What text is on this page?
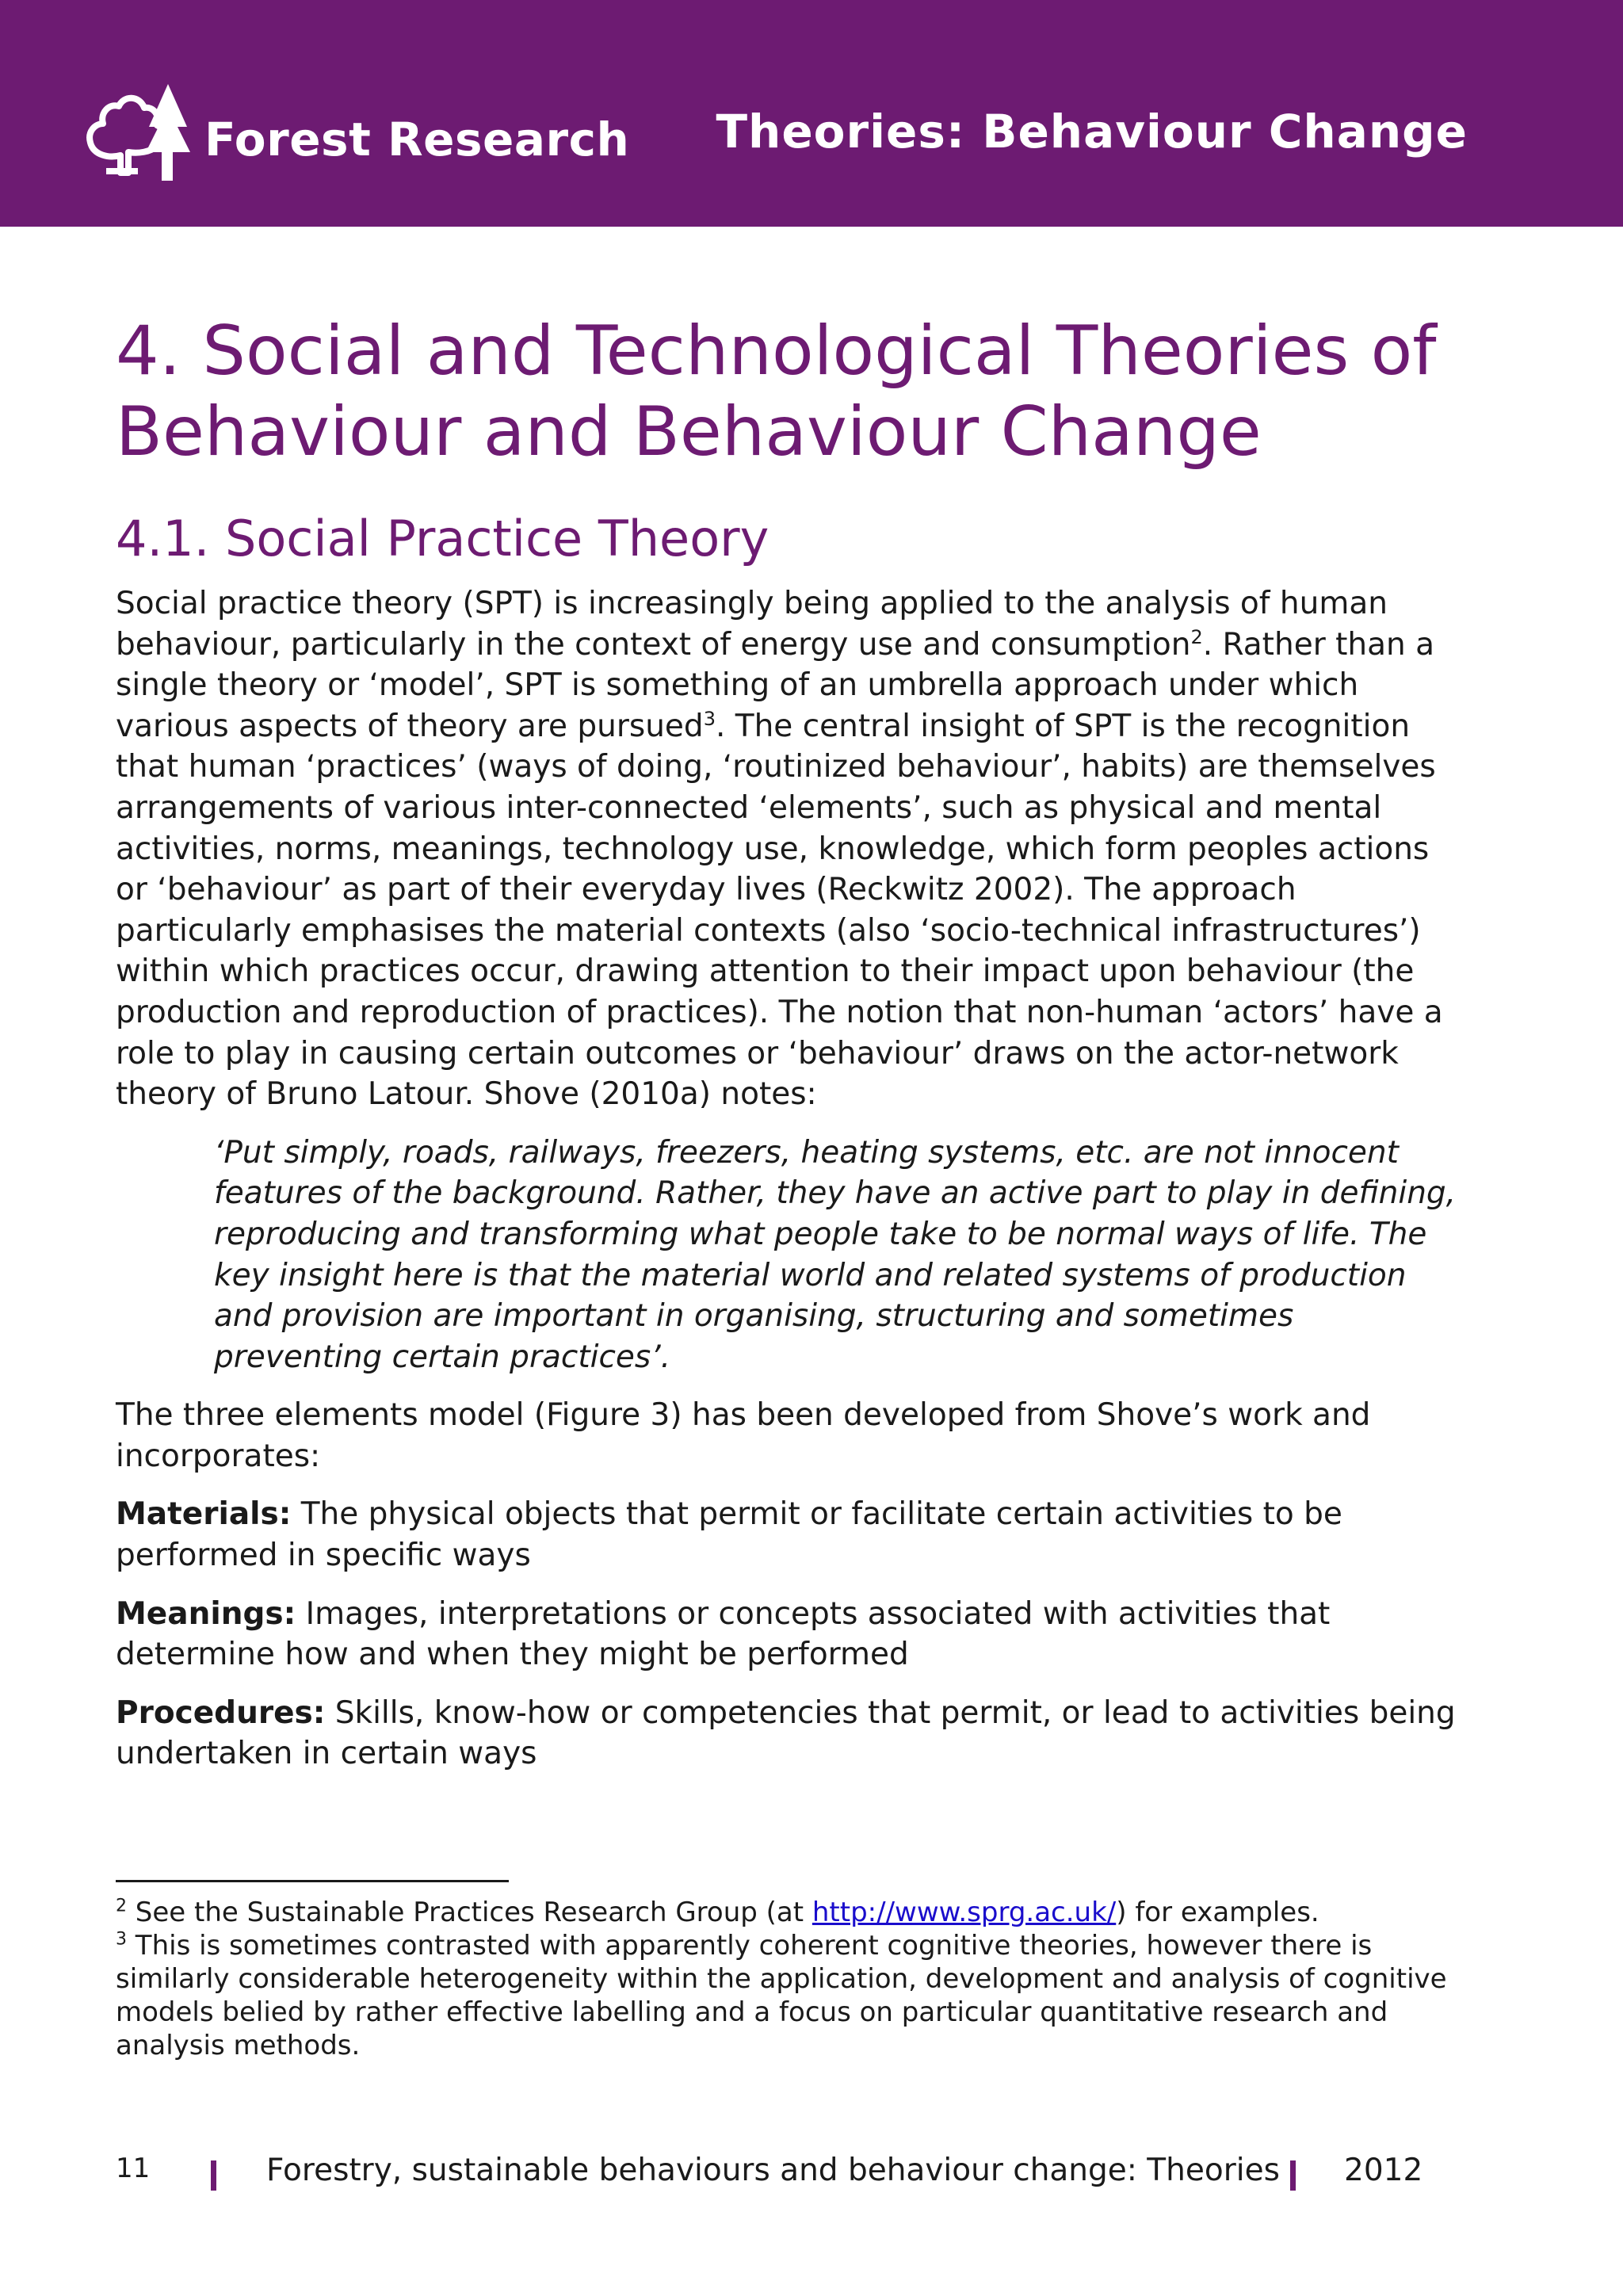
Forest Research Theories: Behaviour Change
4. Social and Technological Theories of
Behaviour and Behaviour Change
4.1. Social Practice Theory

Social practice theory (SPT) is increasingly being applied to the analysis of human behaviour, particularly in the context of energy use and consumption$^2$. Rather than a single theory or ‘model’, SPT is something of an umbrella approach under which various aspects of theory are pursued$^3$. The central insight of SPT is the recognition that human ‘practices’ (ways of doing, ‘routinized behaviour’, habits) are themselves arrangements of various inter-connected ‘elements’, such as physical and mental activities, norms, meanings, technology use, knowledge, which form peoples actions or ‘behaviour’ as part of their everyday lives (Reckwitz 2002). The approach particularly emphasises the material contexts (also ‘socio-technical infrastructures’) within which practices occur, drawing attention to their impact upon behaviour (the production and reproduction of practices). The notion that non-human ‘actors’ have a role to play in causing certain outcomes or ‘behaviour’ draws on the actor-network theory of Bruno Latour. Shove (2010a) notes:

‘Put simply, roads, railways, freezers, heating systems, etc. are not innocent features of the background. Rather, they have an active part to play in defining, reproducing and transforming what people take to be normal ways of life. The key insight here is that the material world and related systems of production and provision are important in organising, structuring and sometimes preventing certain practices’.

The three elements model (Figure 3) has been developed from Shove’s work and incorporates:

Materials: The physical objects that permit or facilitate certain activities to be performed in specific ways

Meanings: Images, interpretations or concepts associated with activities that determine how and when they might be performed

Procedures: Skills, know-how or competencies that permit, or lead to activities being undertaken in certain ways

$^2$ See the Sustainable Practices Research Group (at http://www.sprg.ac.uk/) for examples.

$^3$ This is sometimes contrasted with apparently coherent cognitive theories, however there is similarly considerable heterogeneity within the application, development and analysis of cognitive models belied by rather effective labelling and a focus on particular quantitative research and analysis methods.

11	Forestry, sustainable behaviours and behaviour change: Theories 2012
